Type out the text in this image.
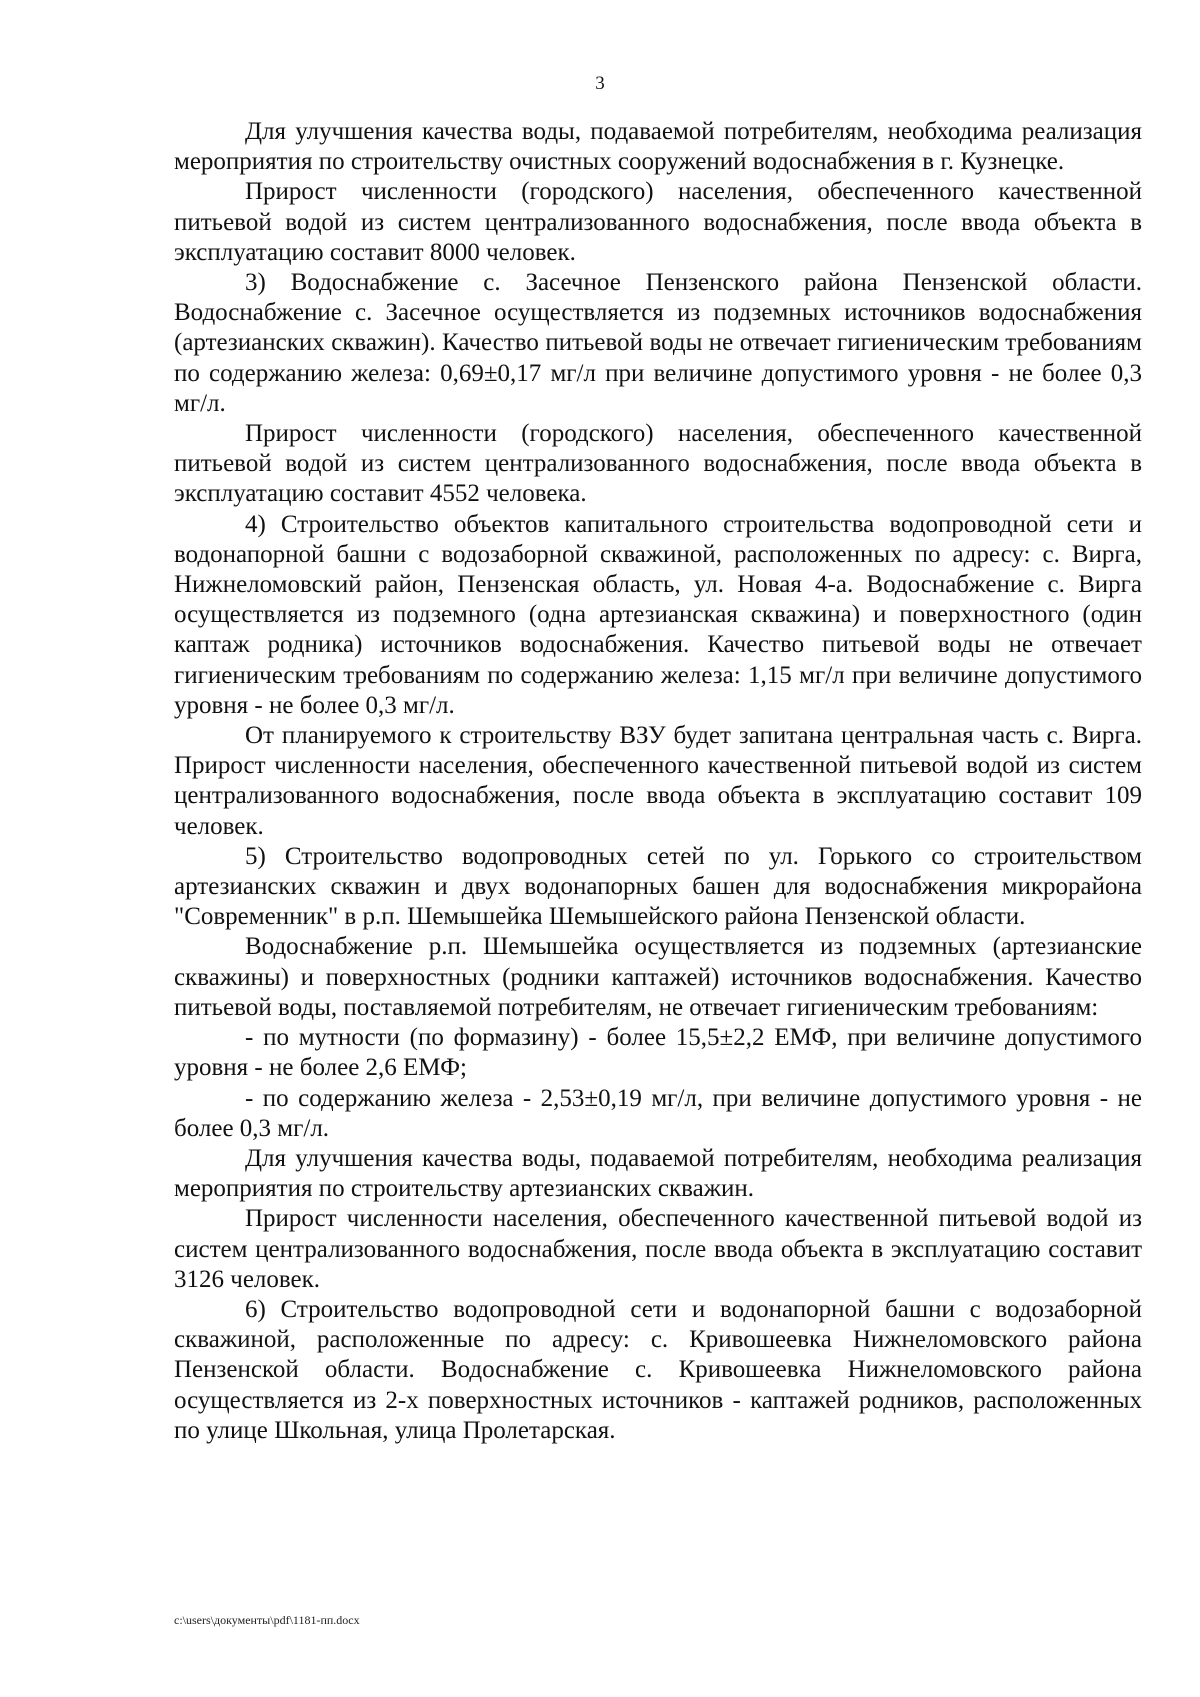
3

Для улучшения качества воды, подаваемой потребителям, необходима реализация мероприятия по строительству очистных сооружений водоснабжения в г. Кузнецке.

Прирост численности (городского) населения, обеспеченного качественной питьевой водой из систем централизованного водоснабжения, после ввода объекта в эксплуатацию составит 8000 человек.

3) Водоснабжение с. Засечное Пензенского района Пензенской области. Водоснабжение с. Засечное осуществляется из подземных источников водоснабжения (артезианских скважин). Качество питьевой воды не отвечает гигиеническим требованиям по содержанию железа: 0,69±0,17 мг/л при величине допустимого уровня - не более 0,3 мг/л.

Прирост численности (городского) населения, обеспеченного качественной питьевой водой из систем централизованного водоснабжения, после ввода объекта в эксплуатацию составит 4552 человека.

4) Строительство объектов капитального строительства водопроводной сети и водонапорной башни с водозаборной скважиной, расположенных по адресу: с. Вирга, Нижнеломовский район, Пензенская область, ул. Новая 4-а. Водоснабжение с. Вирга осуществляется из подземного (одна артезианская скважина) и поверхностного (один каптаж родника) источников водоснабжения. Качество питьевой воды не отвечает гигиеническим требованиям по содержанию железа: 1,15 мг/л при величине допустимого уровня - не более 0,3 мг/л.

От планируемого к строительству ВЗУ будет запитана центральная часть с. Вирга. Прирост численности населения, обеспеченного качественной питьевой водой из систем централизованного водоснабжения, после ввода объекта в эксплуатацию составит 109 человек.

5) Строительство водопроводных сетей по ул. Горького со строительством артезианских скважин и двух водонапорных башен для водоснабжения микрорайона "Современник" в р.п. Шемышейка Шемышейского района Пензенской области.

Водоснабжение р.п. Шемышейка осуществляется из подземных (артезианские скважины) и поверхностных (родники каптажей) источников водоснабжения. Качество питьевой воды, поставляемой потребителям, не отвечает гигиеническим требованиям:

- по мутности (по формазину) - более 15,5±2,2 ЕМФ, при величине допустимого уровня - не более 2,6 ЕМФ;

- по содержанию железа - 2,53±0,19 мг/л, при величине допустимого уровня - не более 0,3 мг/л.

Для улучшения качества воды, подаваемой потребителям, необходима реализация мероприятия по строительству артезианских скважин.

Прирост численности населения, обеспеченного качественной питьевой водой из систем централизованного водоснабжения, после ввода объекта в эксплуатацию составит 3126 человек.

6) Строительство водопроводной сети и водонапорной башни с водозаборной скважиной, расположенные по адресу: с. Кривошеевка Нижнеломовского района Пензенской области. Водоснабжение с. Кривошеевка Нижнеломовского района осуществляется из 2-х поверхностных источников - каптажей родников, расположенных по улице Школьная, улица Пролетарская.

c:\users\документы\pdf\1181-пп.docx
